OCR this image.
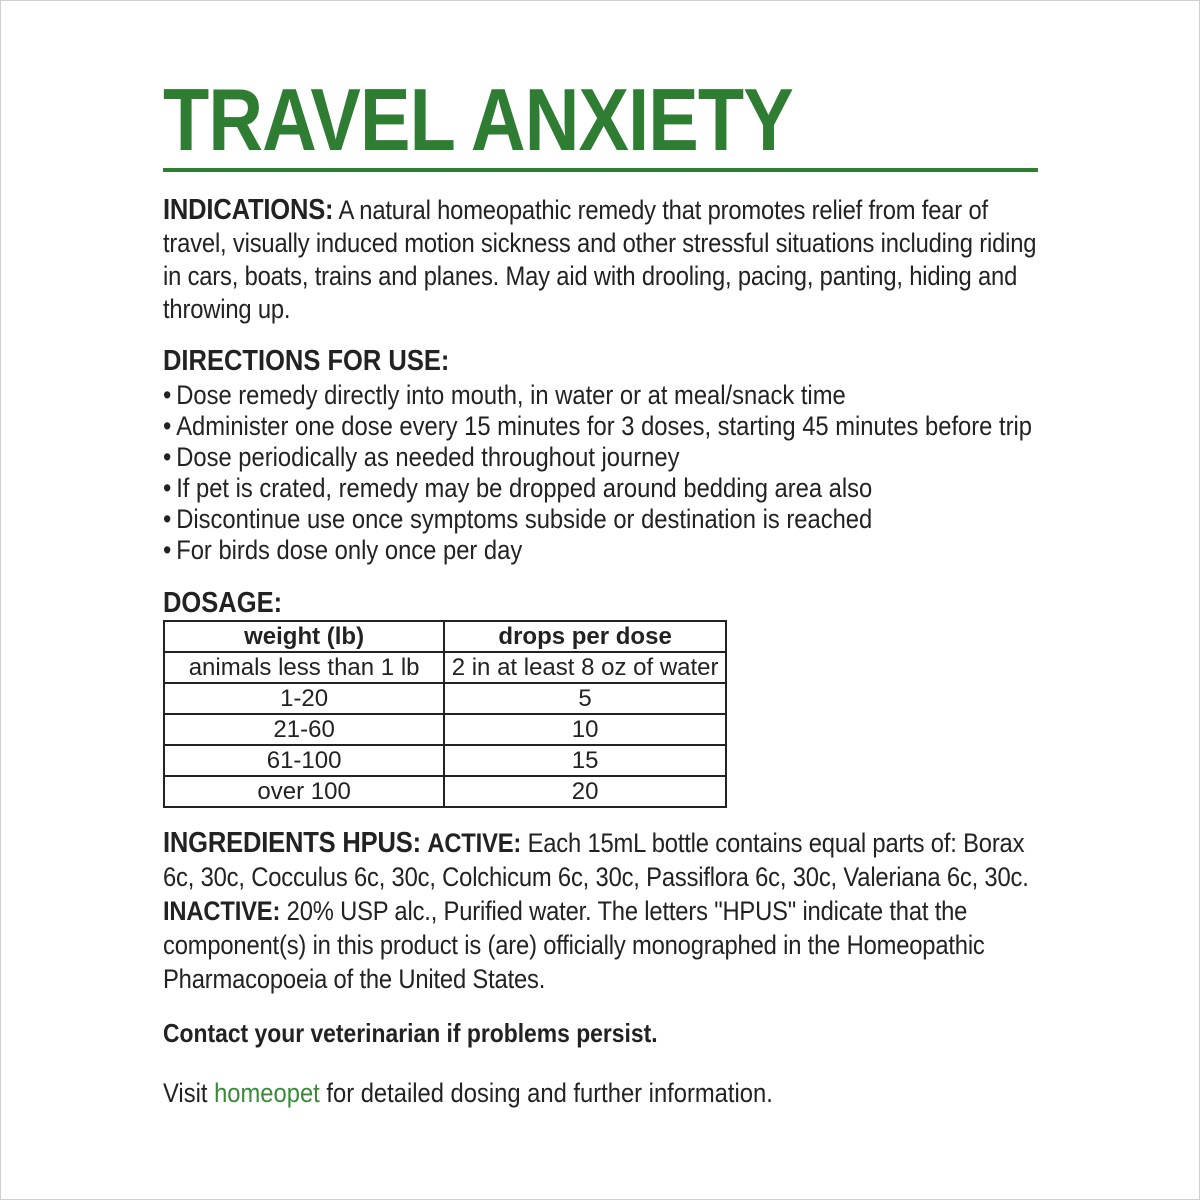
TRAVEL ANXIETY

INDICATIONS: A natural homeopathic remedy that promotes relief from fear of travel, visually induced motion sickness and other stressful situations including riding in cars, boats, trains and planes. May aid with drooling, pacing, panting, hiding and throwing up.

DIRECTIONS FOR USE:
• Dose remedy directly into mouth, in water or at meal/snack time
• Administer one dose every 15 minutes for 3 doses, starting 45 minutes before trip
• Dose periodically as needed throughout journey
• If pet is crated, remedy may be dropped around bedding area also
• Discontinue use once symptoms subside or destination is reached
• For birds dose only once per day
DOSAGE:
weight (lb)	drops per dose
animals less than 1 lb	2 in at least 8 oz of water
1-20	5
21-60	10
61-100	15
over 100	20

INGREDIENTS HPUS: ACTIVE: Each 15mL bottle contains equal parts of: Borax 6c, 30c, Cocculus 6c, 30c, Colchicum 6c, 30c, Passiflora 6c, 30c, Valeriana 6c, 30c. INACTIVE: 20% USP alc., Purified water. The letters "HPUS" indicate that the component(s) in this product is (are) officially monographed in the Homeopathic Pharmacopoeia of the United States.

Contact your veterinarian if problems persist.

Visit homeopet for detailed dosing and further information.
